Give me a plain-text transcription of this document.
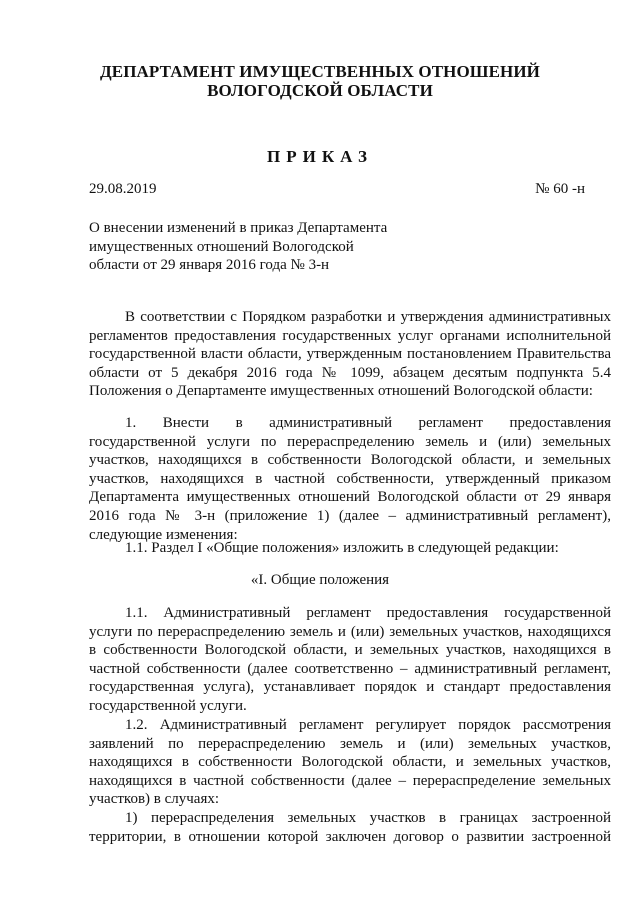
ДЕПАРТАМЕНТ ИМУЩЕСТВЕННЫХ ОТНОШЕНИЙ
ВОЛОГОДСКОЙ ОБЛАСТИ
ПРИКАЗ
29.08.2019	№ 60 -н
О внесении изменений в приказ Департамента
имущественных отношений Вологодской
области от 29 января 2016 года № 3-н
В соответствии с Порядком разработки и утверждения административных
регламентов предоставления государственных услуг органами исполнительной
государственной власти области, утвержденным постановлением Правительства
области от 5 декабря 2016 года № 1099, абзацем десятым подпункта 5.4
Положения о Департаменте имущественных отношений Вологодской области:
1. Внести в административный регламент предоставления
государственной услуги по перераспределению земель и (или) земельных
участков, находящихся в собственности Вологодской области, и земельных
участков, находящихся в частной собственности, утвержденный приказом
Департамента имущественных отношений Вологодской области от 29 января
2016 года № 3-н (приложение 1) (далее – административный регламент),
следующие изменения:
1.1. Раздел I «Общие положения» изложить в следующей редакции:
«I. Общие положения
1.1. Административный регламент предоставления государственной
услуги по перераспределению земель и (или) земельных участков, находящихся
в собственности Вологодской области, и земельных участков, находящихся в
частной собственности (далее соответственно – административный регламент,
государственная услуга), устанавливает порядок и стандарт предоставления
государственной услуги.
1.2. Административный регламент регулирует порядок рассмотрения
заявлений по перераспределению земель и (или) земельных участков,
находящихся в собственности Вологодской области, и земельных участков,
находящихся в частной собственности (далее – перераспределение земельных
участков) в случаях:
1) перераспределения земельных участков в границах застроенной
территории, в отношении которой заключен договор о развитии застроенной
